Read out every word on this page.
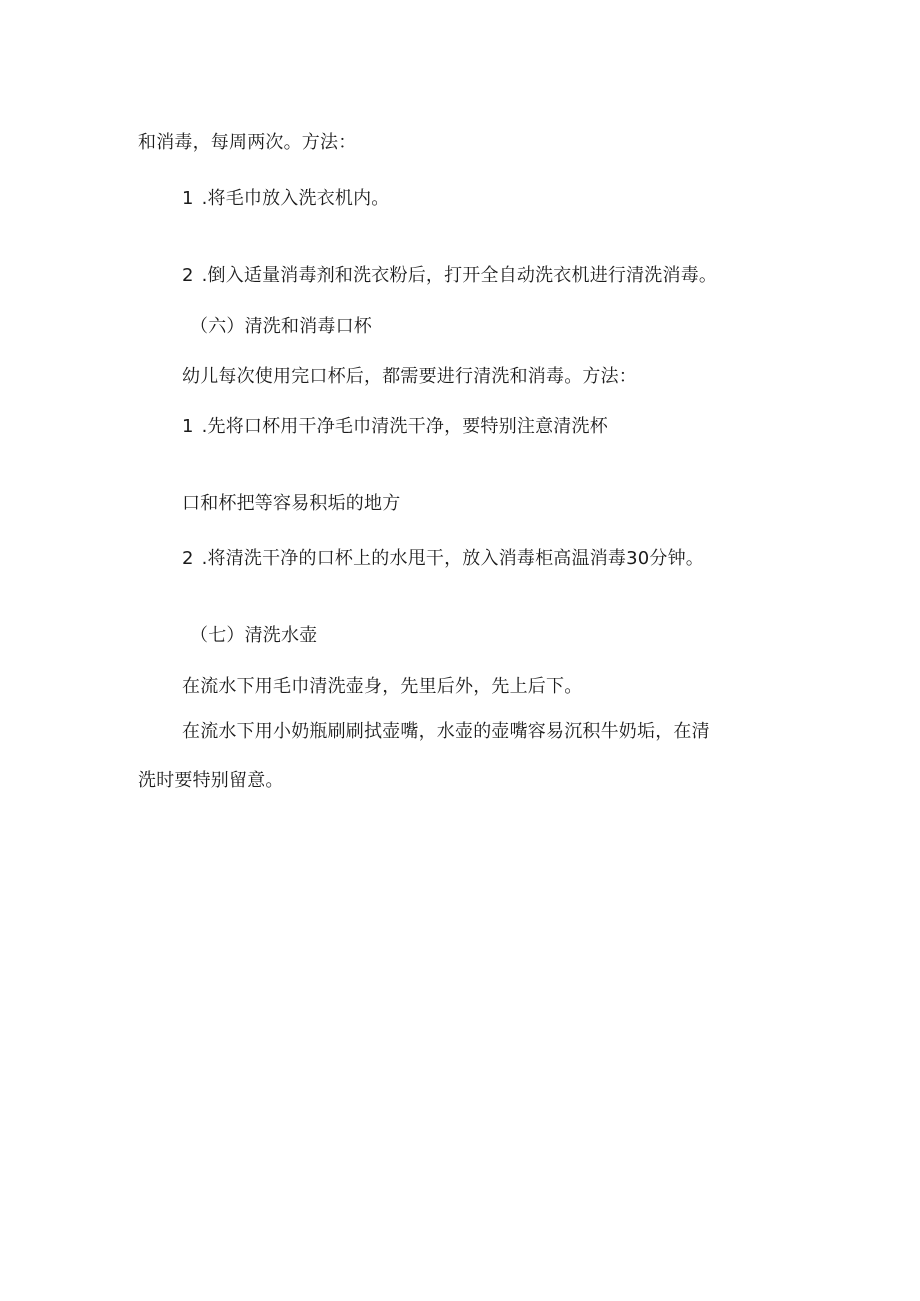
和消毒，每周两次。方法：
1 .将毛巾放入洗衣机内。
2 .倒入适量消毒剂和洗衣粉后，打开全自动洗衣机进行清洗消毒。
（六）清洗和消毒口杯
幼儿每次使用完口杯后，都需要进行清洗和消毒。方法：
1 .先将口杯用干净毛巾清洗干净，要特别注意清洗杯
口和杯把等容易积垢的地方
2 .将清洗干净的口杯上的水甩干，放入消毒柜高温消毒30分钟。
（七）清洗水壶
在流水下用毛巾清洗壶身，先里后外，先上后下。
在流水下用小奶瓶刷刷拭壶嘴，水壶的壶嘴容易沉积牛奶垢，在清
洗时要特别留意。
